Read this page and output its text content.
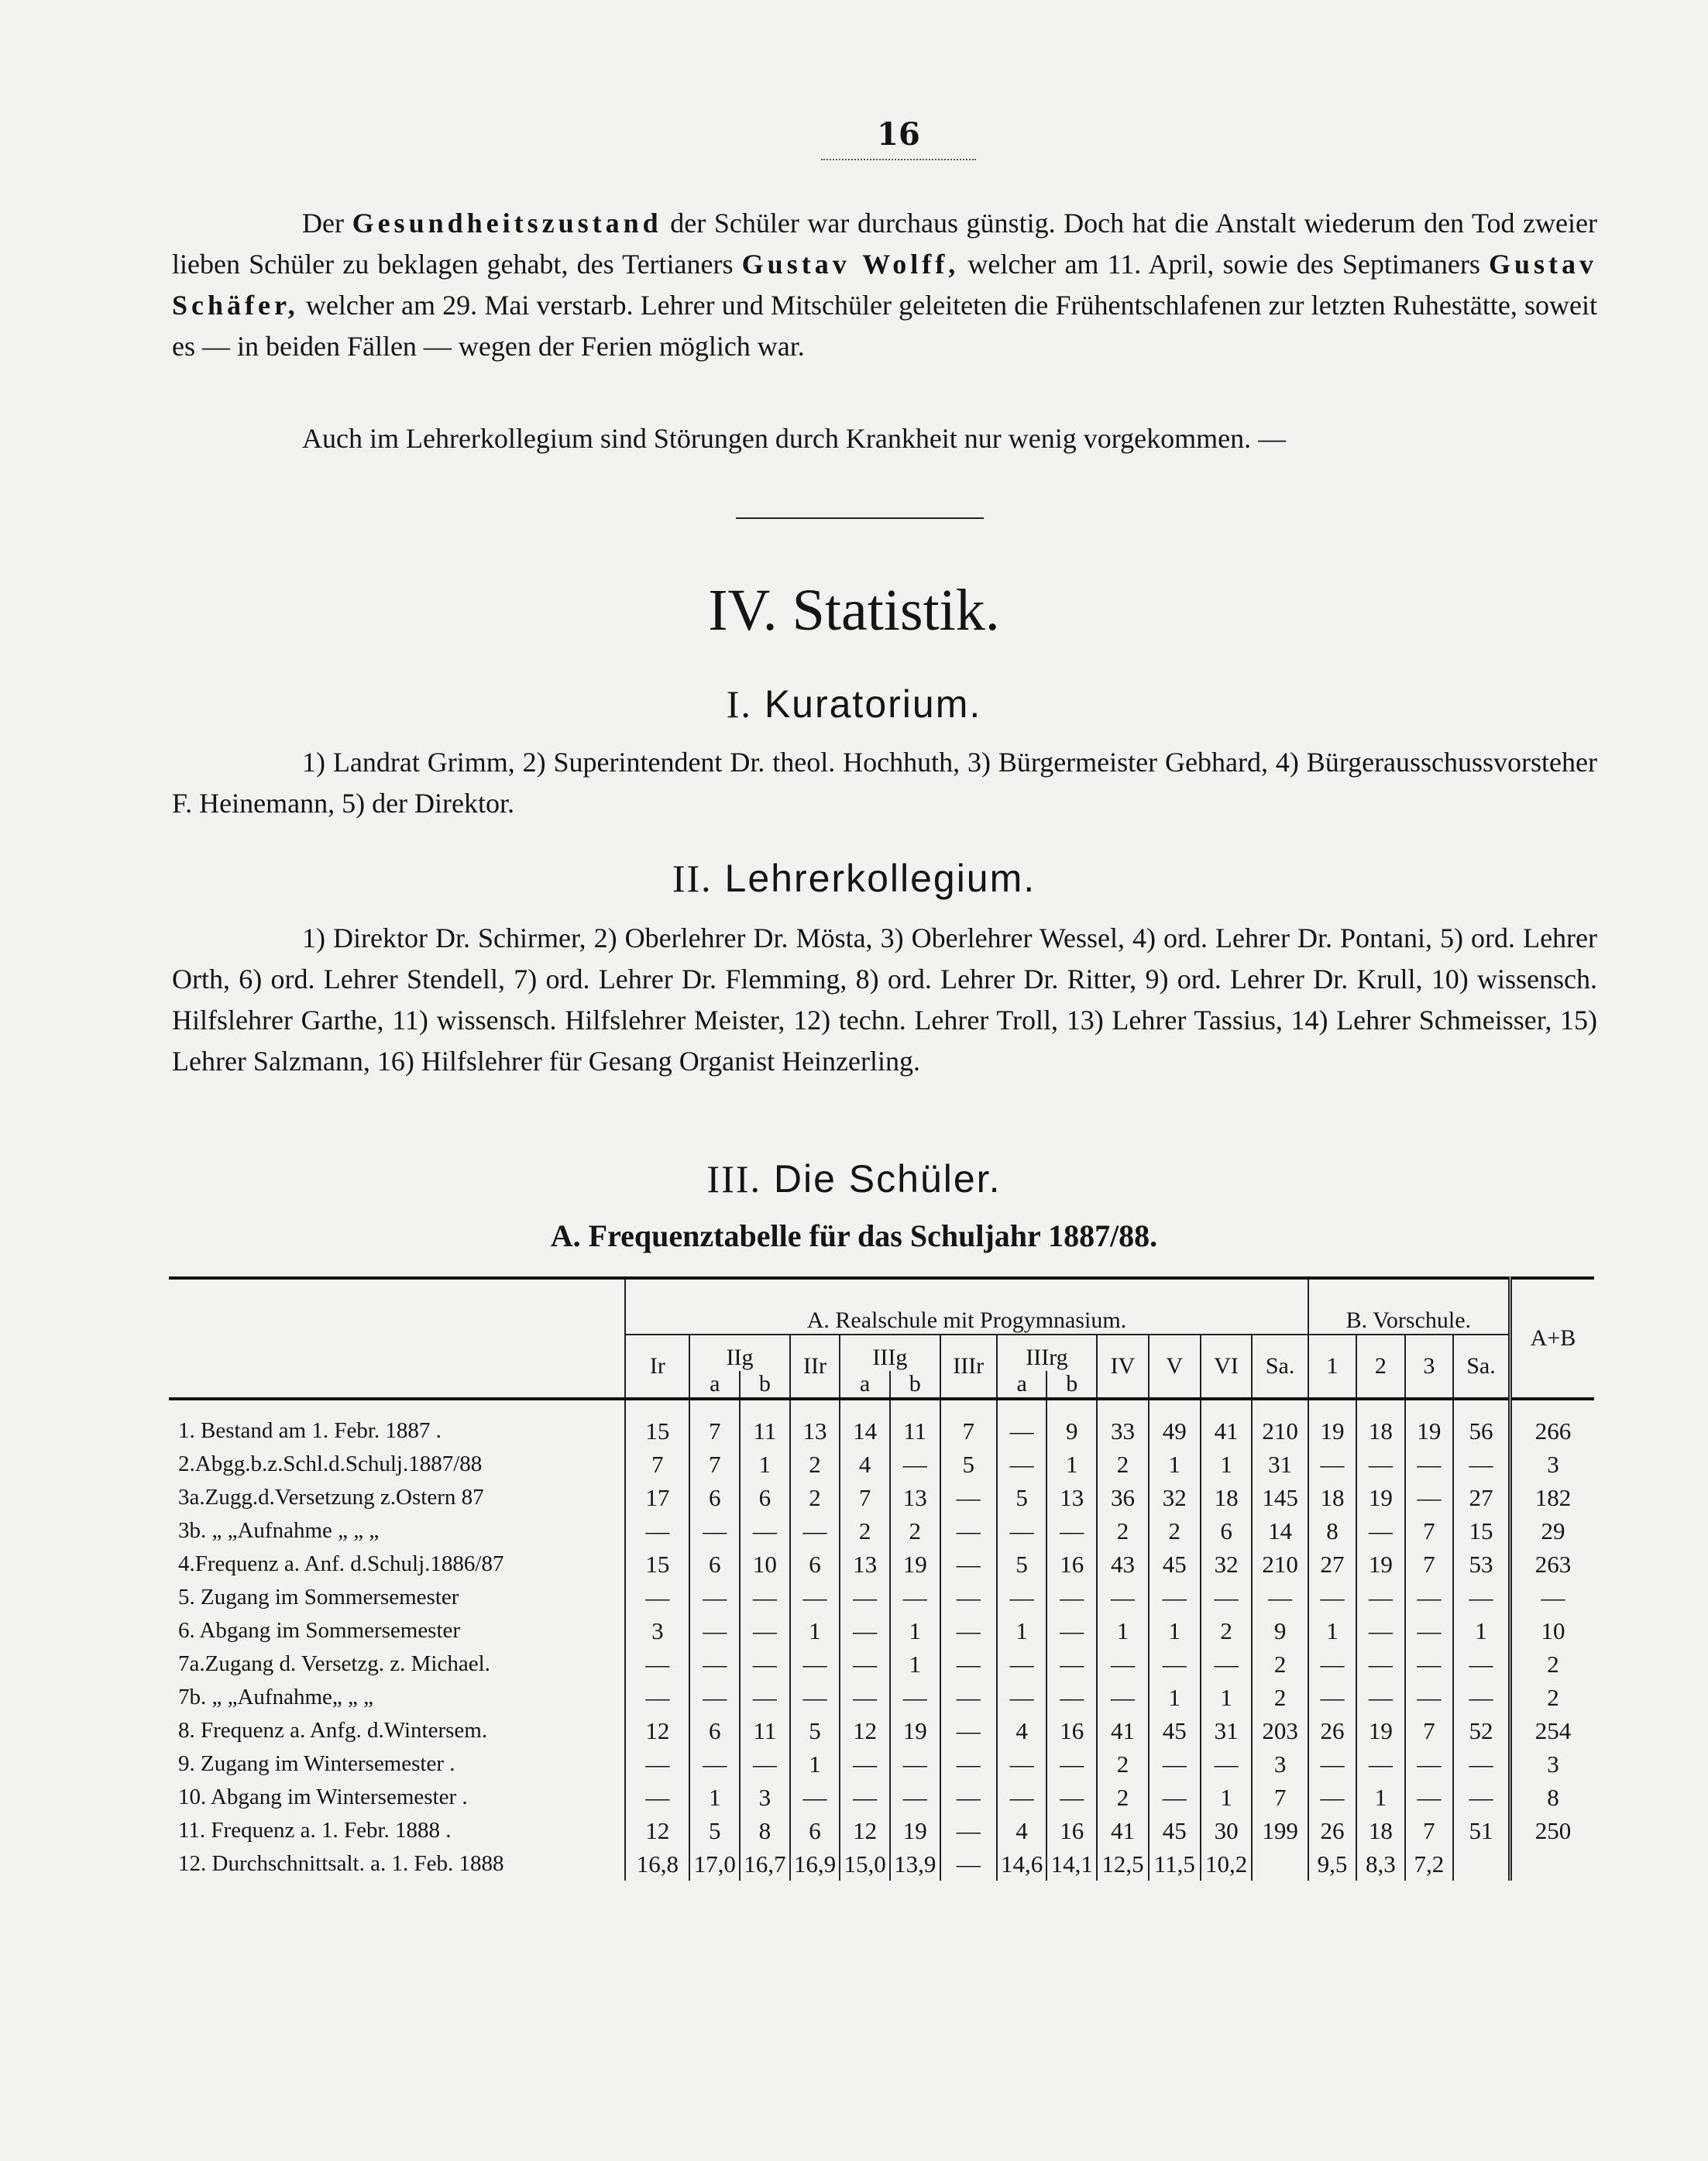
16
Der Gesundheitszustand der Schüler war durchaus günstig. Doch hat die Anstalt wiederum den Tod zweier lieben Schüler zu beklagen gehabt, des Tertianers Gustav Wolff, welcher am 11. April, sowie des Septimaners Gustav Schäfer, welcher am 29. Mai verstarb. Lehrer und Mitschüler geleiteten die Frühentschlafenen zur letzten Ruhestätte, soweit es — in beiden Fällen — wegen der Ferien möglich war.
Auch im Lehrerkollegium sind Störungen durch Krankheit nur wenig vorgekommen. —
IV. Statistik.
I. Kuratorium.
1) Landrat Grimm, 2) Superintendent Dr. theol. Hochhuth, 3) Bürgermeister Gebhard, 4) Bürgerausschussvorsteher F. Heinemann, 5) der Direktor.
II. Lehrerkollegium.
1) Direktor Dr. Schirmer, 2) Oberlehrer Dr. Mösta, 3) Oberlehrer Wessel, 4) ord. Lehrer Dr. Pontani, 5) ord. Lehrer Orth, 6) ord. Lehrer Stendell, 7) ord. Lehrer Dr. Flemming, 8) ord. Lehrer Dr. Ritter, 9) ord. Lehrer Dr. Krull, 10) wissensch. Hilfslehrer Garthe, 11) wissensch. Hilfslehrer Meister, 12) techn. Lehrer Troll, 13) Lehrer Tassius, 14) Lehrer Schmeisser, 15) Lehrer Salzmann, 16) Hilfslehrer für Gesang Organist Heinzerling.
III. Die Schüler.
A. Frequenztabelle für das Schuljahr 1887/88.
	A. Realschule mit Progymnasium.													B. Vorschule.				A+B
	Ir	IIg		IIr	IIIg		IIIr	IIIrg		IV	V	VI	Sa.	1	2	3	Sa.	
		a	b		a	b		a	b									

1. Bestand am 1. Febr. 1887 .	15	7	11	13	14	11	7	—	9	33	49	41	210	19	18	19	56	266
2.Abgg.b.z.Schl.d.Schulj.1887/88	7	7	1	2	4	—	5	—	1	2	1	1	31	—	—	—	—	3
3a.Zugg.d.Versetzung z.Ostern 87	17	6	6	2	7	13	—	5	13	36	32	18	145	18	19	—	27	182
3b. „ „Aufnahme „ „ „	—	—	—	—	2	2	—	—	—	2	2	6	14	8	—	7	15	29
4.Frequenz a. Anf. d.Schulj.1886/87	15	6	10	6	13	19	—	5	16	43	45	32	210	27	19	7	53	263
5. Zugang im Sommersemester	—	—	—	—	—	—	—	—	—	—	—	—	—	—	—	—	—	—
6. Abgang im Sommersemester	3	—	—	1	—	1	—	1	—	1	1	2	9	1	—	—	1	10
7a.Zugang d. Versetzg. z. Michael.	—	—	—	—	—	1	—	—	—	—	—	—	2	—	—	—	—	2
7b. „ „Aufnahme„ „ „	—	—	—	—	—	—	—	—	—	—	1	1	2	—	—	—	—	2
8. Frequenz a. Anfg. d.Wintersem.	12	6	11	5	12	19	—	4	16	41	45	31	203	26	19	7	52	254
9. Zugang im Wintersemester .	—	—	—	1	—	—	—	—	—	2	—	—	3	—	—	—	—	3
10. Abgang im Wintersemester .	—	1	3	—	—	—	—	—	—	2	—	1	7	—	1	—	—	8
11. Frequenz a. 1. Febr. 1888 .	12	5	8	6	12	19	—	4	16	41	45	30	199	26	18	7	51	250
12. Durchschnittsalt. a. 1. Feb. 1888	16,8	17,0	16,7	16,9	15,0	13,9	—	14,6	14,1	12,5	11,5	10,2		9,5	8,3	7,2		
